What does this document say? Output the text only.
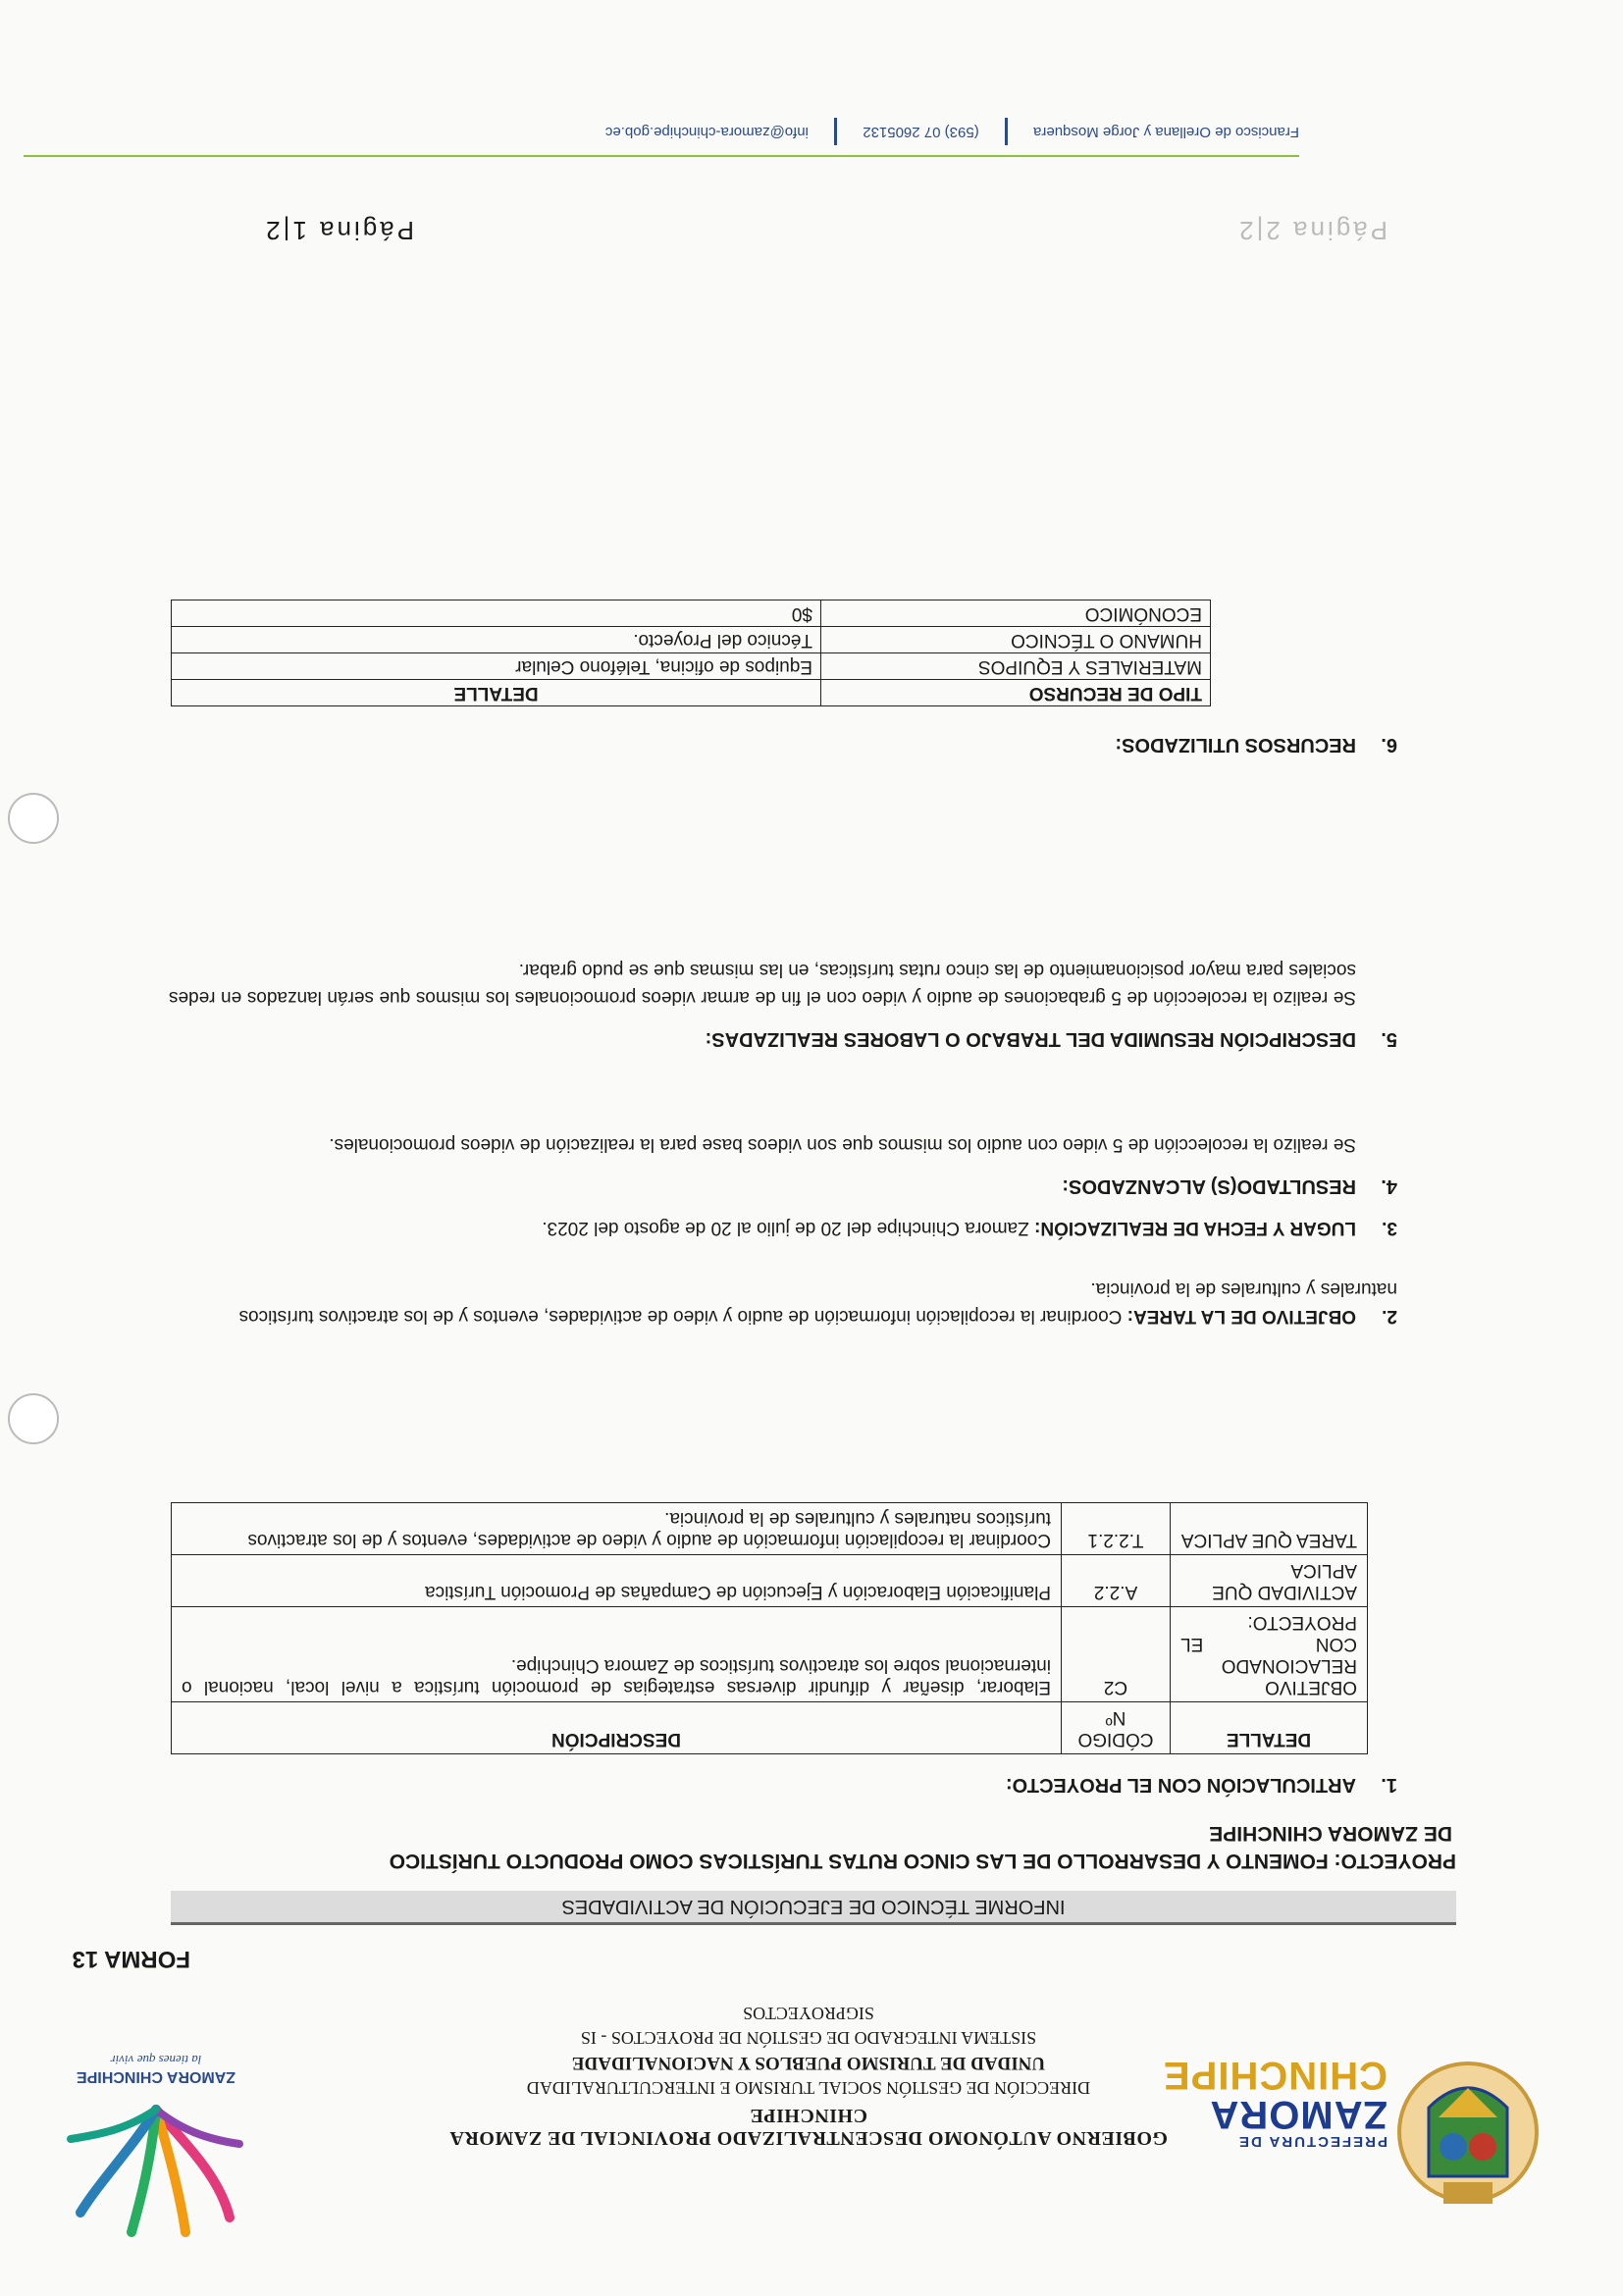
PREFECTURA DE
ZAMORA
CHINCHIPE
GOBIERNO AUTÓNOMO DESCENTRALIZADO PROVINCIAL DE ZAMORA CHINCHIPE
DIRECCIÓN DE GESTIÓN SOCIAL TURISMO E INTERCULTURALIDAD
UNIDAD DE TURISMO PUEBLOS Y NACIONALIDADE
SISTEMA INTEGRADO DE GESTIÓN DE PROYECTOS - IS
SIGPROYECTOS
ZAMORA CHINCHIPE
la tienes que vivir
FORMA 13
INFORME TÉCNICO DE EJECUCIÓN DE ACTIVIDADES
PROYECTO: FOMENTO Y DESARROLLO DE LAS CINCO RUTAS TURÍSTICAS COMO PRODUCTO TURÍSTICO
DE ZAMORA CHINCHIPE
1.ARTICULACIÓN CON EL PROYECTO:
DETALLE	CÓDIGO Nº	DESCRIPCIÓN
OBJETIVO RELACIONADO CON EL PROYECTO:	C2	Elaborar, diseñar y difundir diversas estrategias de promoción turística a nivel local, nacional o internacional sobre los atractivos turísticos de Zamora Chinchipe.
ACTIVIDAD QUE APLICA	A.2.2	Planificación Elaboración y Ejecución de Campañas de Promoción Turística
TAREA QUE APLICA	T.2.2.1	Coordinar la recopilación información de audio y video de actividades, eventos y de los atractivos turísticos naturales y culturales de la provincia.
2.OBJETIVO DE LA TAREA: Coordinar la recopilación información de audio y video de actividades, eventos y de los atractivos turísticos naturales y culturales de la provincia.
3.LUGAR Y FECHA DE REALIZACIÓN: Zamora Chinchipe del 20 de julio al 20 de agosto del 2023.
4.RESULTADO(S) ALCANZADOS:
Se realizo la recolección de 5 video con audio los mismos que son videos base para la realización de videos promocionales.
5.DESCRIPCIÓN RESUMIDA DEL TRABAJO O LABORES REALIZADAS:
Se realizo la recolección de 5 grabaciones de audio y video con el fin de armar videos promocionales los mismos que serán lanzados en redes sociales para mayor posicionamiento de las cinco rutas turísticas, en las mismas que se pudo grabar.
6.RECURSOS UTILIZADOS:
TIPO DE RECURSO	DETALLE
MATERIALES Y EQUIPOS	Equipos de oficina, Teléfono Celular
HUMANO O TÉCNICO	Técnico del Proyecto.
ECONÓMICO	$0
Página 1|2	Página 2|2
Francisco de Orellana y Jorge Mosquera  (593) 07 2605132  info@zamora-chinchipe.gob.ec
